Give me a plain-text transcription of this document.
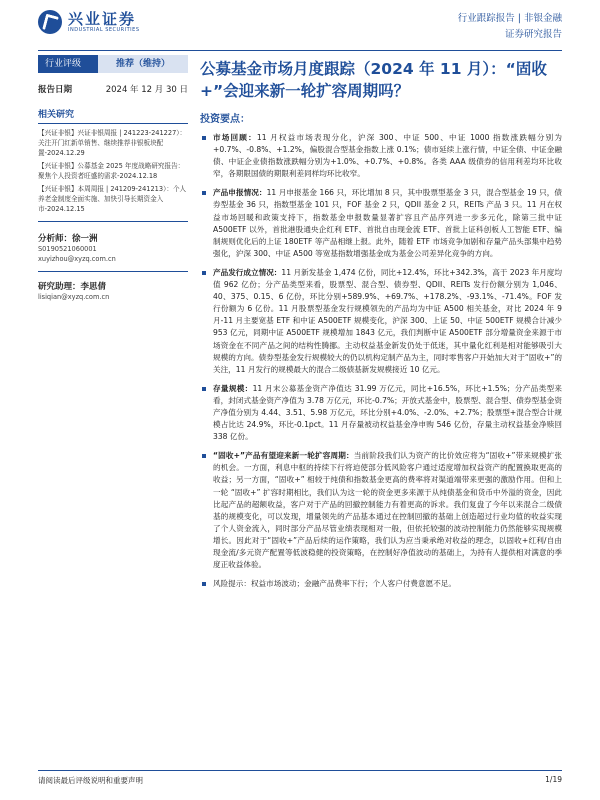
兴业证券
INDUSTRIAL SECURITIES
行业跟踪报告 | 非银金融
证券研究报告
行业评级	推荐（维持）
报告日期	2024 年 12 月 30 日
相关研究
【兴证非银】兴证非银周报 | 241223-241227）：关注开门红新单销售、继续推荐非银板块配置-2024.12.29
【兴证非银】公募基金 2025 年度战略研究报告：聚焦个人投资者旺盛的需求-2024.12.18
【兴证非银】本周周报 | 241209-241213）：个人养老金制度全面实施、加快引导长期资金入市-2024.12.15
分析师：徐一洲
S0190521060001
xuyizhou@xyzq.com.cn
研究助理：李思倩
lisiqian@xyzq.com.cn
公募基金市场月度跟踪（2024 年 11 月）：“固收+”会迎来新一轮扩容周期吗？
投资要点：
市场回顾：11 月权益市场表现分化，沪深 300、中证 500、中证 1000 指数涨跌幅分别为+0.7%、-0.8%、+1.2%，偏股混合型基金指数上涨 0.1%；债市延续上涨行情，中证全债、中证金融债、中证企业债指数涨跌幅分别为+1.0%、+0.7%、+0.8%。各类 AAA 级债券的信用利差均环比收窄，各期限国债的期限利差同样均环比收窄。
产品申报情况：11 月申报基金 166 只，环比增加 8 只，其中股票型基金 3 只，混合型基金 19 只，债券型基金 36 只，指数型基金 101 只，FOF 基金 2 只，QDII 基金 2 只，REITs 产品 3 只。11 月在权益市场回暖和政策支持下，指数基金申报数量显著扩容且产品序列进一步多元化，除第三批中证 A500ETF 以外，首批港股通央企红利 ETF、首批自由现金流 ETF、首批上证科创板人工智能 ETF、编制规则优化后的上证 180ETF 等产品相继上报。此外，随着 ETF 市场竞争加剧和存量产品头部集中趋势强化，沪深 300、中证 A500 等宽基指数增强基金成为基金公司差异化竞争的方向。
产品发行成立情况：11 月新发基金 1,474 亿份，同比+12.4%，环比+342.3%，高于 2023 年月度均值 962 亿份；分产品类型来看，股票型、混合型、债券型、QDII、REITs 发行份额分别为 1,046、40、375、0.15、6 亿份，环比分别+589.9%、+69.7%、+178.2%、-93.1%、-71.4%。FOF 发行份额为 6 亿份。11 月股票型基金发行规模领先的产品均为中证 A500 相关基金，对比 2024 年 9 月-11 月主要宽基 ETF 和中证 A500ETF 规模变化，沪深 300、上证 50、中证 500ETF 规模合计减少 953 亿元，同期中证 A500ETF 规模增加 1843 亿元，我们判断中证 A500ETF 部分增量资金来源于市场资金在不同产品之间的结构性腾挪。主动权益基金新发仍处于低迷，其中量化红利是相对能够吸引大规模的方向。债券型基金发行规模较大的仍以机构定制产品为主，同时零售客户开始加大对于“固收+”的关注，11 月发行的规模最大的混合二级债基新发规模接近 10 亿元。
存量规模：11 月末公募基金资产净值达 31.99 万亿元，同比+16.5%，环比+1.5%；分产品类型来看，封闭式基金资产净值为 3.78 万亿元，环比-0.7%；开放式基金中，股票型、混合型、债券型基金资产净值分别为 4.44、3.51、5.98 万亿元，环比分别+4.0%、-2.0%、+2.7%；股票型+混合型合计规模占比达 24.9%，环比-0.1pct。11 月存量被动权益基金净申购 546 亿份，存量主动权益基金净赎回 338 亿份。
“固收+”产品有望迎来新一轮扩容周期：当前阶段我们认为资产的比价效应将为“固收+”带来规模扩张的机会。一方面，利息中枢的持续下行将迫使部分低风险客户通过适度增加权益资产的配置换取更高的收益；另一方面，“固收+” 相较于纯债和指数基金更高的费率将对渠道端带来更强的激励作用。但和上一轮 “固收+” 扩容时期相比，我们认为这一轮的资金更多来源于从纯债基金和货币中外溢的资金，因此比起产品的超额收益，客户对于产品的回撤控制能力有着更高的诉求。我们复盘了今年以来混合二级债基的规模变化，可以发现，增量领先的产品基本通过在控制回撤的基础上创造超过行业均值的收益实现了个人资金流入，同时部分产品尽管业绩表现相对一般，但依托较强的波动控制能力仍然能够实现规模增长。因此对于“固收+”产品后续的运作策略，我们认为应当秉承绝对收益的理念，以固收+红利/自由现金流/多元资产配置等低波稳健的投资策略，在控制好净值波动的基础上，为持有人提供相对满意的季度正收益体验。
风险提示：权益市场波动；金融产品费率下行；个人客户付费意愿不足。
请阅读最后评级说明和重要声明	1/19
